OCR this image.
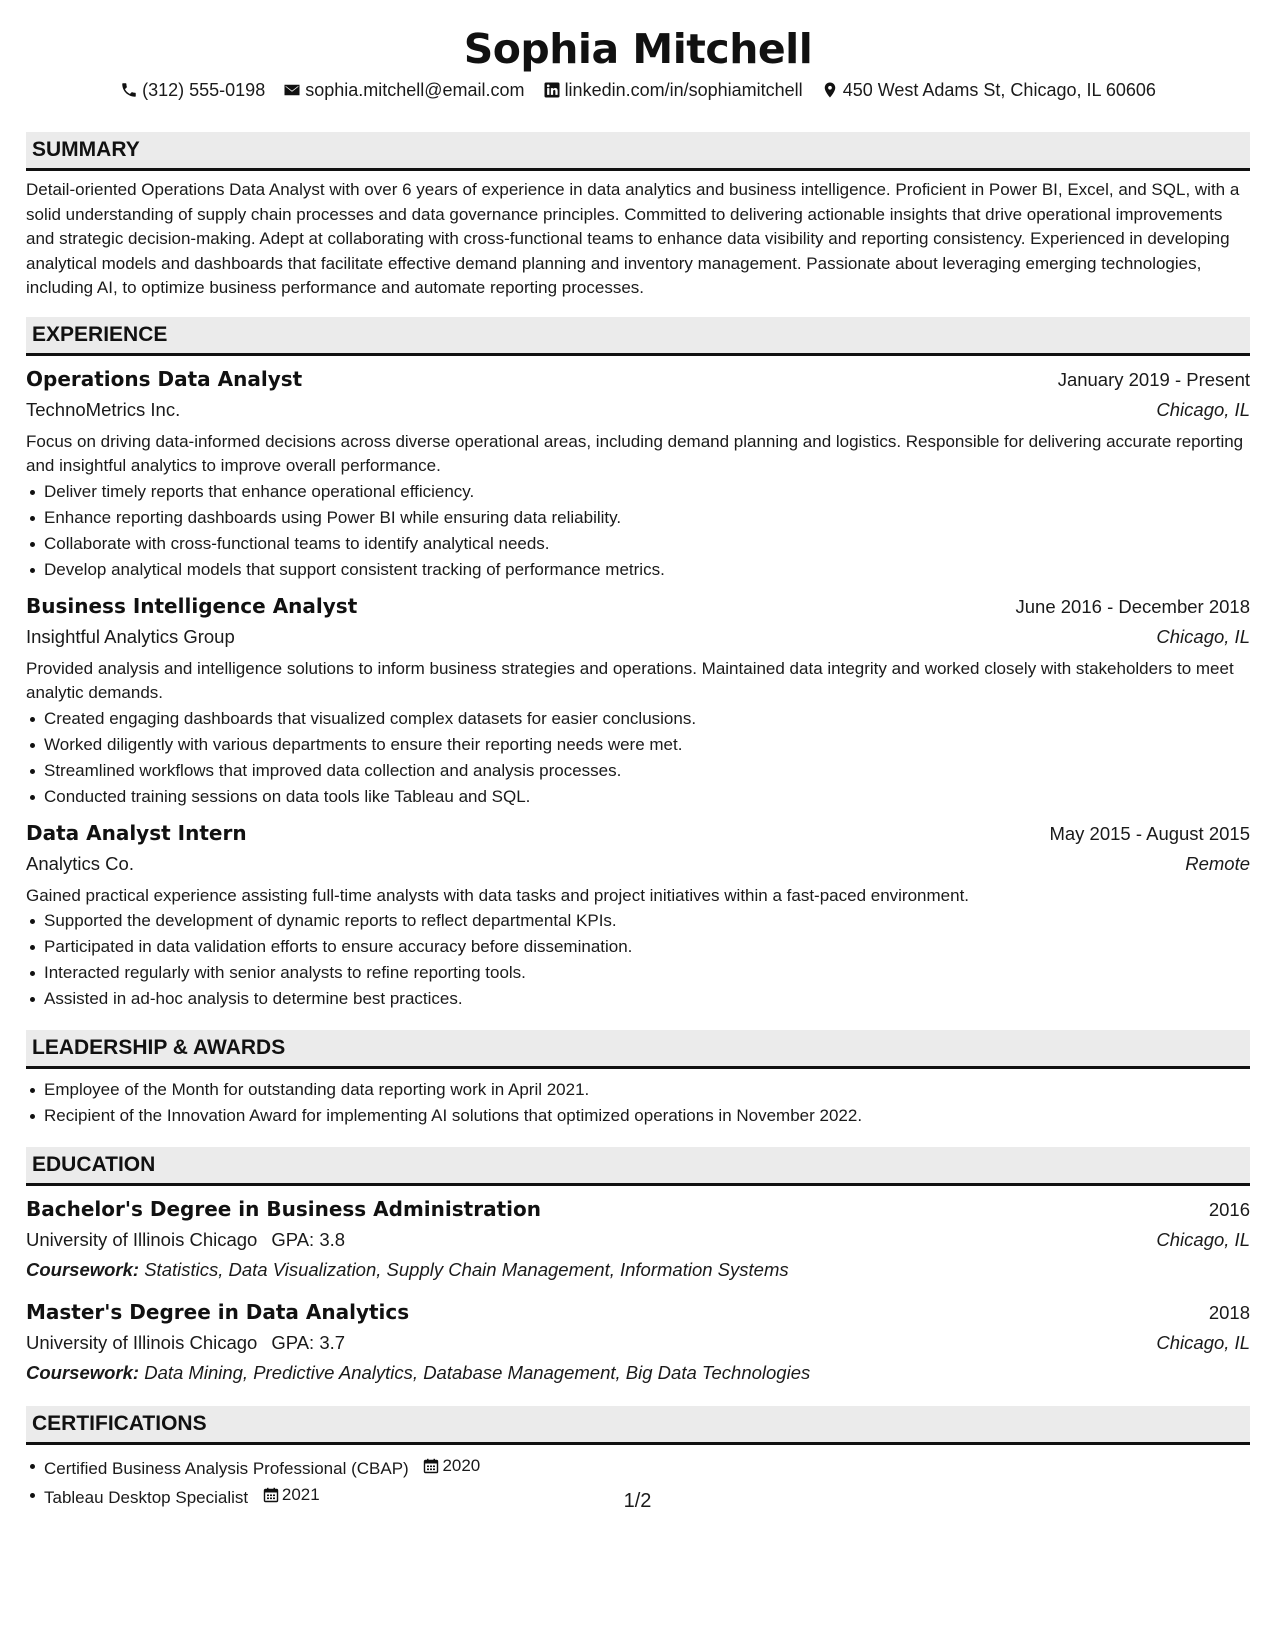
Sophia Mitchell
(312) 555-0198 sophia.mitchell@email.com linkedin.com/in/sophiamitchell 450 West Adams St, Chicago, IL 60606
SUMMARY
Detail-oriented Operations Data Analyst with over 6 years of experience in data analytics and business intelligence. Proficient in Power BI, Excel, and SQL, with a solid understanding of supply chain processes and data governance principles. Committed to delivering actionable insights that drive operational improvements and strategic decision-making. Adept at collaborating with cross-functional teams to enhance data visibility and reporting consistency. Experienced in developing analytical models and dashboards that facilitate effective demand planning and inventory management. Passionate about leveraging emerging technologies, including AI, to optimize business performance and automate reporting processes.
EXPERIENCE
Operations Data Analyst	January 2019 - Present
TechnoMetrics Inc.	Chicago, IL
Focus on driving data-informed decisions across diverse operational areas, including demand planning and logistics. Responsible for delivering accurate reporting and insightful analytics to improve overall performance.
Deliver timely reports that enhance operational efficiency.
Enhance reporting dashboards using Power BI while ensuring data reliability.
Collaborate with cross-functional teams to identify analytical needs.
Develop analytical models that support consistent tracking of performance metrics.
Business Intelligence Analyst	June 2016 - December 2018
Insightful Analytics Group	Chicago, IL
Provided analysis and intelligence solutions to inform business strategies and operations. Maintained data integrity and worked closely with stakeholders to meet analytic demands.
Created engaging dashboards that visualized complex datasets for easier conclusions.
Worked diligently with various departments to ensure their reporting needs were met.
Streamlined workflows that improved data collection and analysis processes.
Conducted training sessions on data tools like Tableau and SQL.
Data Analyst Intern	May 2015 - August 2015
Analytics Co.	Remote
Gained practical experience assisting full-time analysts with data tasks and project initiatives within a fast-paced environment.
Supported the development of dynamic reports to reflect departmental KPIs.
Participated in data validation efforts to ensure accuracy before dissemination.
Interacted regularly with senior analysts to refine reporting tools.
Assisted in ad-hoc analysis to determine best practices.
LEADERSHIP & AWARDS
Employee of the Month for outstanding data reporting work in April 2021.
Recipient of the Innovation Award for implementing AI solutions that optimized operations in November 2022.
EDUCATION
Bachelor's Degree in Business Administration	2016
University of Illinois Chicago GPA: 3.8	Chicago, IL
Coursework: Statistics, Data Visualization, Supply Chain Management, Information Systems
Master's Degree in Data Analytics	2018
University of Illinois Chicago GPA: 3.7	Chicago, IL
Coursework: Data Mining, Predictive Analytics, Database Management, Big Data Technologies
CERTIFICATIONS
Certified Business Analysis Professional (CBAP) 2020
Tableau Desktop Specialist 2021	1/2
